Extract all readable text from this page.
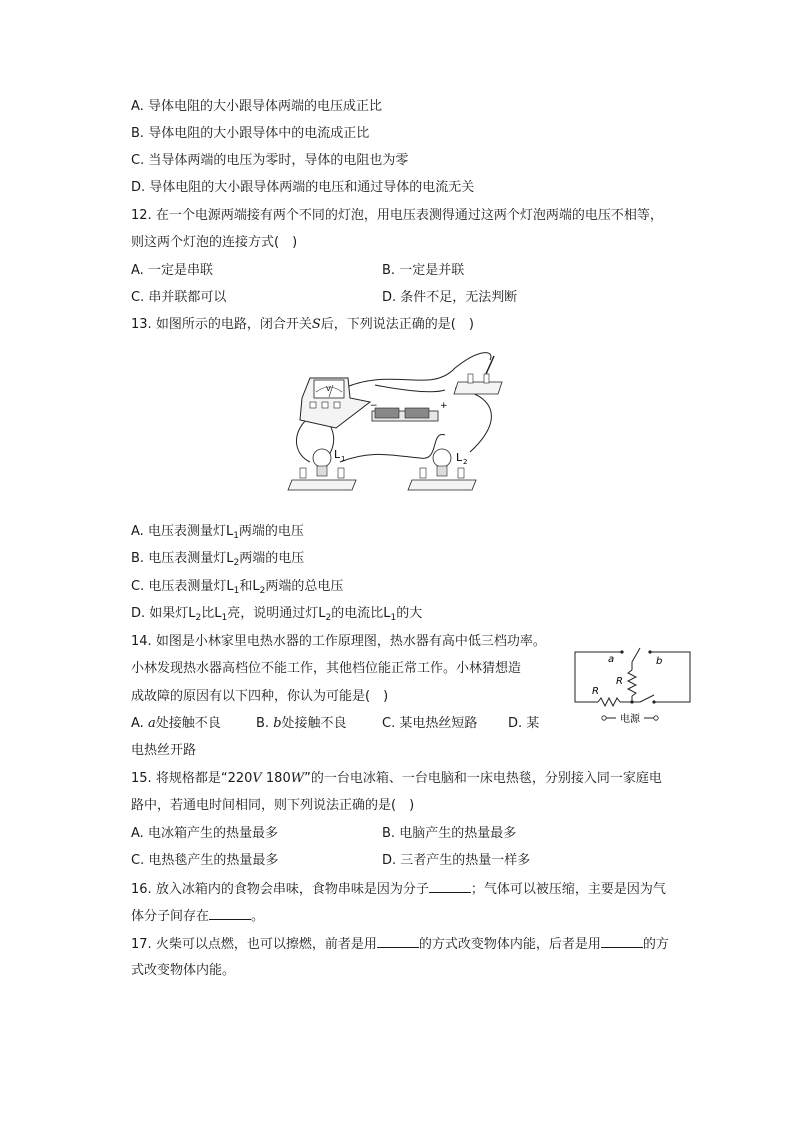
A. 导体电阻的大小跟导体两端的电压成正比
B. 导体电阻的大小跟导体中的电流成正比
C. 当导体两端的电压为零时，导体的电阻也为零
D. 导体电阻的大小跟导体两端的电压和通过导体的电流无关
12. 在一个电源两端接有两个不同的灯泡，用电压表测得通过这两个灯泡两端的电压不相等，
则这两个灯泡的连接方式(　)
A. 一定是串联	B. 一定是并联
C. 串并联都可以	D. 条件不足，无法判断
13. 如图所示的电路，闭合开关S后，下列说法正确的是(　)
V
−	+
L 1	L 2
A. 电压表测量灯$L_1$两端的电压
B. 电压表测量灯$L_2$两端的电压
C. 电压表测量灯$L_1$和$L_2$两端的总电压
D. 如果灯$L_2$比$L_1$亮，说明通过灯$L_2$的电流比$L_1$的大
14. 如图是小林家里电热水器的工作原理图，热水器有高中低三档功率。
小林发现热水器高档位不能工作，其他档位能正常工作。小林猜想造
成故障的原因有以下四种，你认为可能是(　)
A. a处接触不良	B. b处接触不良	C. 某电热丝短路 D. 某
电热丝开路
a	b
R
R
电源
15. 将规格都是“220V 180W”的一台电冰箱、一台电脑和一床电热毯，分别接入同一家庭电
路中，若通电时间相同，则下列说法正确的是(　)
A. 电冰箱产生的热量最多	B. 电脑产生的热量最多
C. 电热毯产生的热量最多	D. 三者产生的热量一样多
16. 放入冰箱内的食物会串味，食物串味是因为分子	；气体可以被压缩，主要是因为气
体分子间存在	。
17. 火柴可以点燃，也可以擦燃，前者是用	的方式改变物体内能，后者是用	的方
式改变物体内能。
